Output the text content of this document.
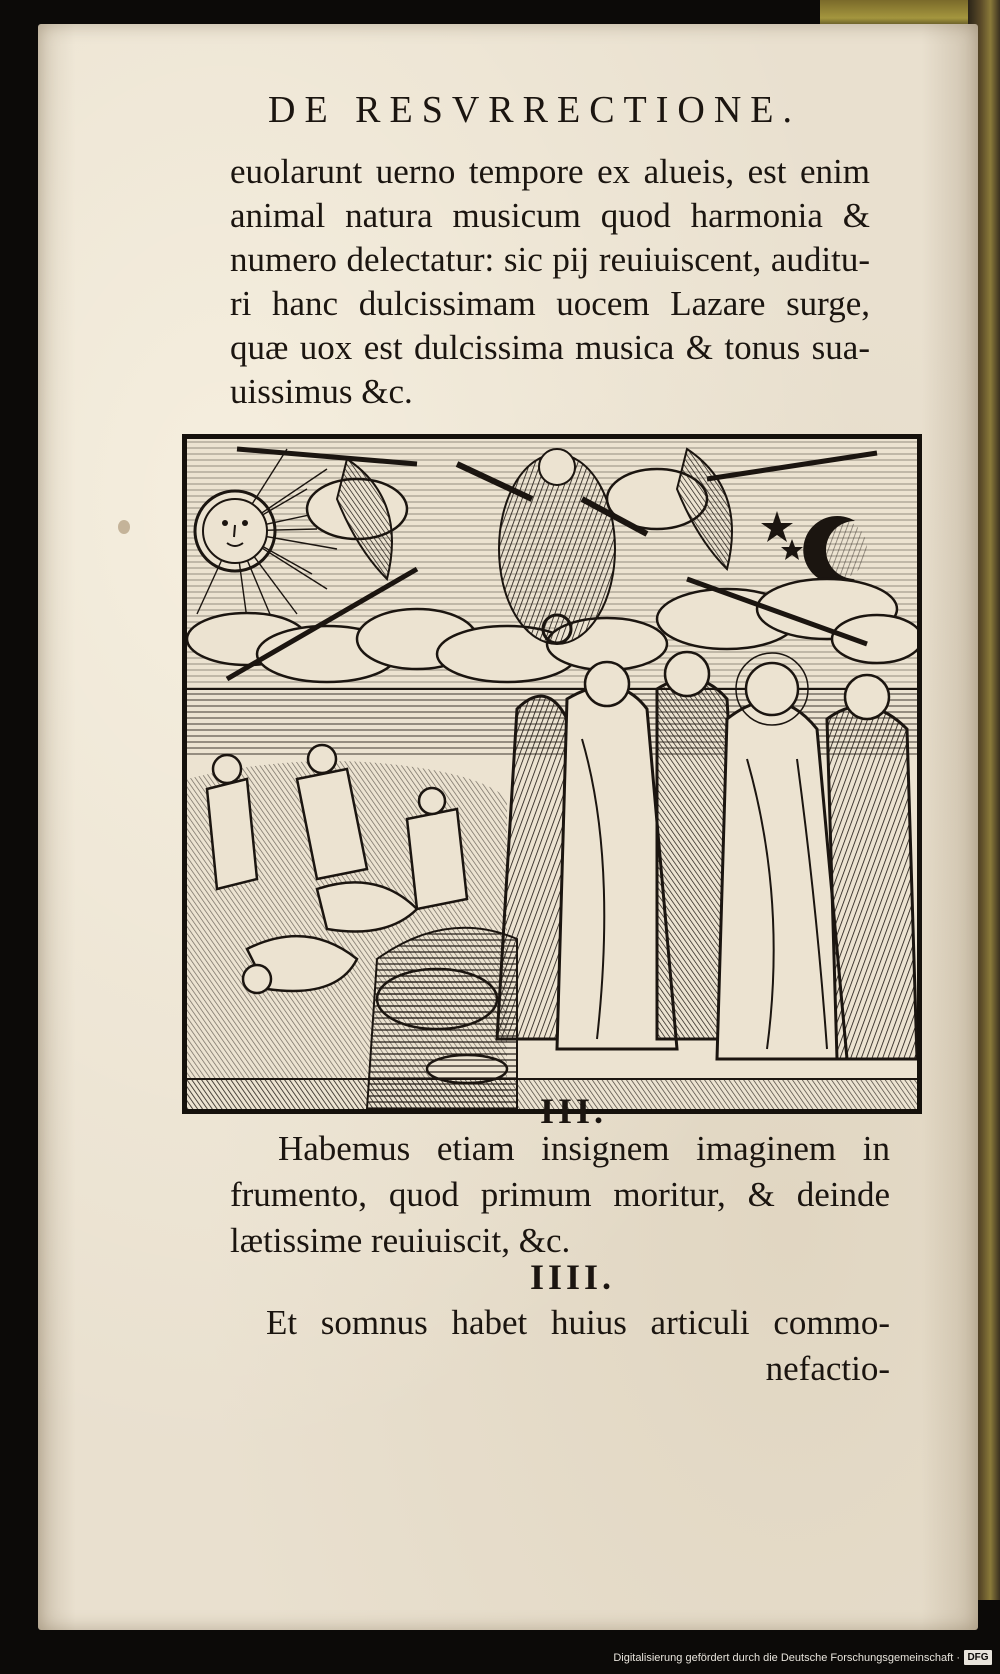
DE RESVRRECTIONE.
euolarunt uerno tempore ex alueis, est enim
animal natura musicum quod harmonia &
numero delectatur: sic pij reuiuiscent, auditu-
ri hanc dulcissimam uocem Lazare surge,
quæ uox est dulcissima musica & tonus sua-
uissimus &c.
III.
Habemus etiam insignem imaginem in
frumento, quod primum moritur, & deinde
lætissime reuiuiscit, &c.
IIII.
Et somnus habet huius articuli commo-
nefactio-
Digitalisierung gefördert durch die Deutsche Forschungsgemeinschaft · DFG
